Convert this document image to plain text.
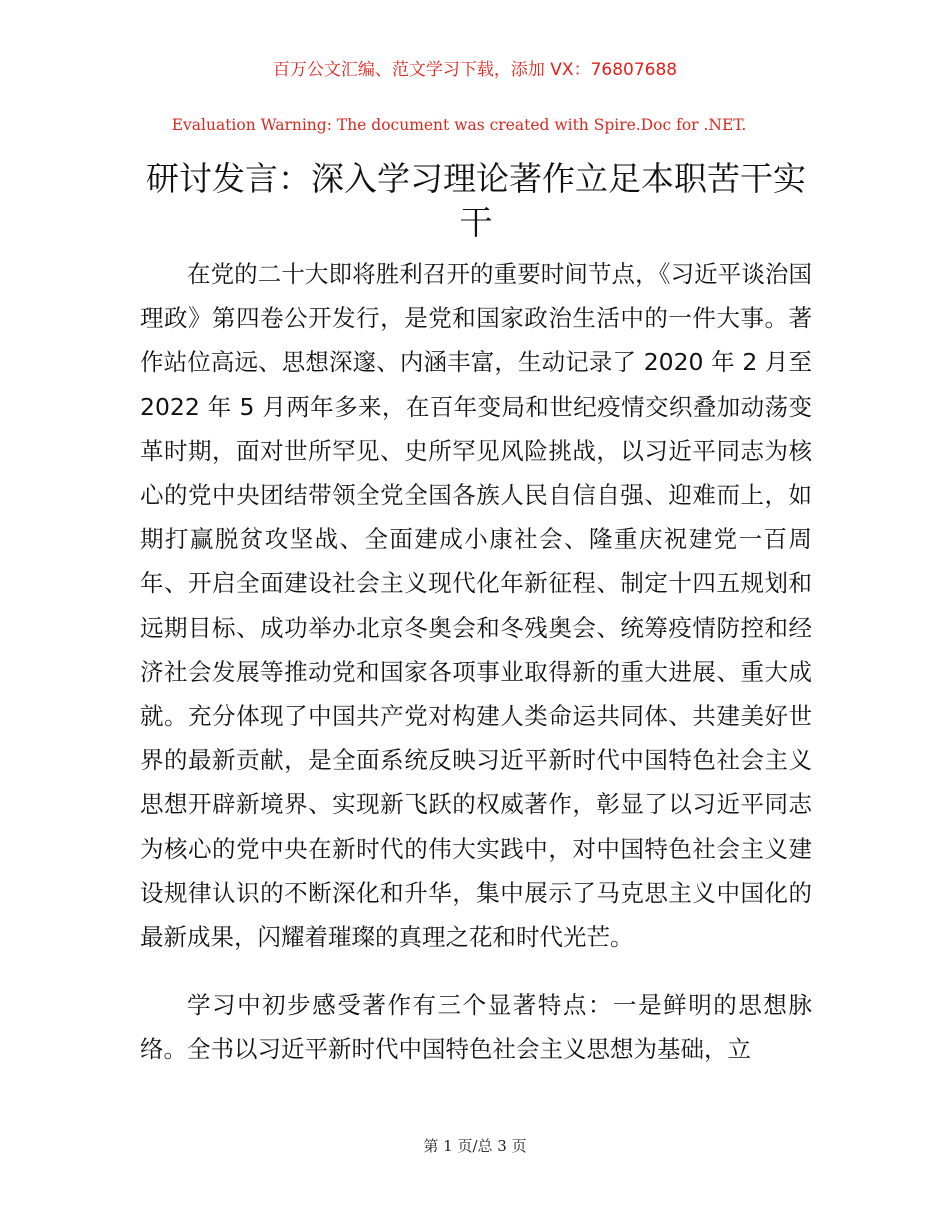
百万公文汇编、范文学习下载，添加 VX：76807688
Evaluation Warning: The document was created with Spire.Doc for .NET.
研讨发言：深入学习理论著作立足本职苦干实干

在党的二十大即将胜利召开的重要时间节点，《习近平谈治国理政》第四卷公开发行，是党和国家政治生活中的一件大事。著作站位高远、思想深邃、内涵丰富，生动记录了 2020 年 2 月至 2022 年 5 月两年多来，在百年变局和世纪疫情交织叠加动荡变革时期，面对世所罕见、史所罕见风险挑战，以习近平同志为核心的党中央团结带领全党全国各族人民自信自强、迎难而上，如期打赢脱贫攻坚战、全面建成小康社会、隆重庆祝建党一百周年、开启全面建设社会主义现代化年新征程、制定十四五规划和远期目标、成功举办北京冬奥会和冬残奥会、统筹疫情防控和经济社会发展等推动党和国家各项事业取得新的重大进展、重大成就。充分体现了中国共产党对构建人类命运共同体、共建美好世界的最新贡献，是全面系统反映习近平新时代中国特色社会主义思想开辟新境界、实现新飞跃的权威著作，彰显了以习近平同志为核心的党中央在新时代的伟大实践中，对中国特色社会主义建设规律认识的不断深化和升华，集中展示了马克思主义中国化的最新成果，闪耀着璀璨的真理之花和时代光芒。

学习中初步感受著作有三个显著特点：一是鲜明的思想脉络。全书以习近平新时代中国特色社会主义思想为基础，立

第 1 页/总 3 页
